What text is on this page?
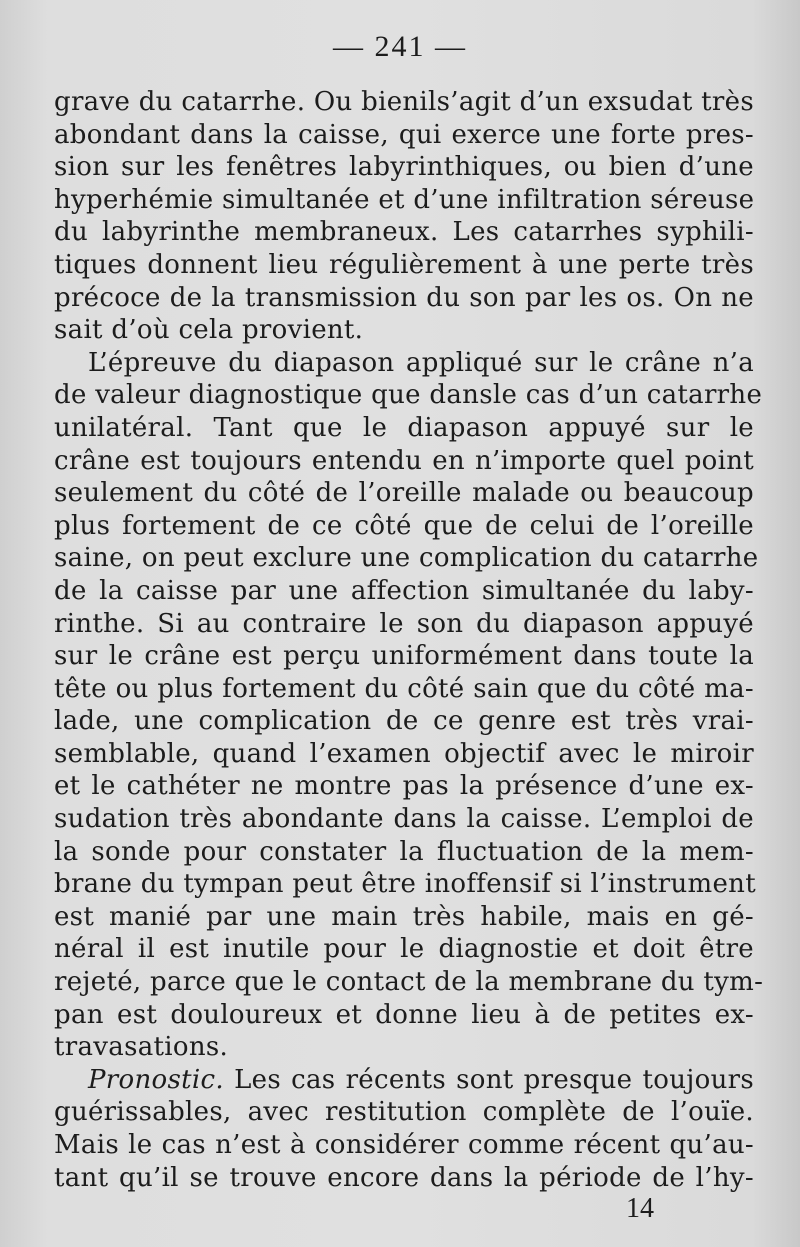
— 241 —
grave du catarrhe. Ou bienils’agit d’un exsudat très
abondant dans la caisse, qui exerce une forte pres-
sion sur les fenêtres labyrinthiques, ou bien d’une
hyperhémie simultanée et d’une infiltration séreuse
du labyrinthe membraneux. Les catarrhes syphili-
tiques donnent lieu régulièrement à une perte très
précoce de la transmission du son par les os. On ne
sait d’où cela provient.
L’épreuve du diapason appliqué sur le crâne n’a
de valeur diagnostique que dansle cas d’un catarrhe
unilatéral. Tant que le diapason appuyé sur le
crâne est toujours entendu en n’importe quel point
seulement du côté de l’oreille malade ou beaucoup
plus fortement de ce côté que de celui de l’oreille
saine, on peut exclure une complication du catarrhe
de la caisse par une affection simultanée du laby-
rinthe. Si au contraire le son du diapason appuyé
sur le crâne est perçu uniformément dans toute la
tête ou plus fortement du côté sain que du côté ma-
lade, une complication de ce genre est très vrai-
semblable, quand l’examen objectif avec le miroir
et le cathéter ne montre pas la présence d’une ex-
sudation très abondante dans la caisse. L’emploi de
la sonde pour constater la fluctuation de la mem-
brane du tympan peut être inoffensif si l’instrument
est manié par une main très habile, mais en gé-
néral il est inutile pour le diagnostie et doit être
rejeté, parce que le contact de la membrane du tym-
pan est douloureux et donne lieu à de petites ex-
travasations.
Pronostic. Les cas récents sont presque toujours
guérissables, avec restitution complète de l’ouïe.
Mais le cas n’est à considérer comme récent qu’au-
tant qu’il se trouve encore dans la période de l’hy-
14
